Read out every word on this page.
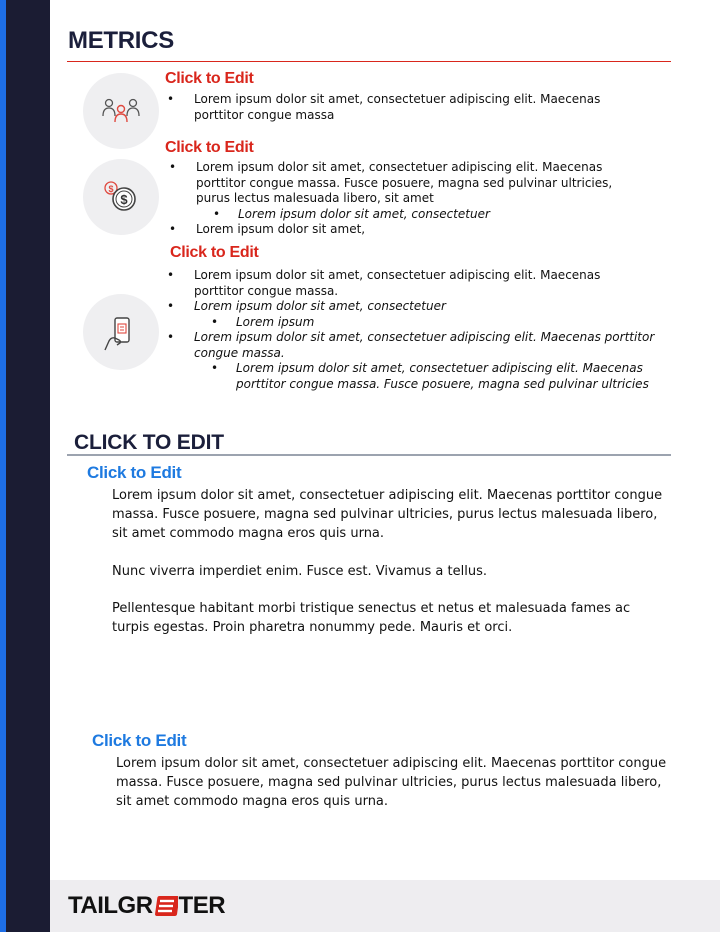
METRICS
Click to Edit
• Lorem ipsum dolor sit amet, consectetuer adipiscing elit. Maecenas porttitor congue massa
$
$
Click to Edit
• Lorem ipsum dolor sit amet, consectetuer adipiscing elit. Maecenas porttitor congue massa. Fusce posuere, magna sed pulvinar ultricies, purus lectus malesuada libero, sit amet
• Lorem ipsum dolor sit amet, consectetuer
• Lorem ipsum dolor sit amet,
Click to Edit
• Lorem ipsum dolor sit amet, consectetuer adipiscing elit. Maecenas porttitor congue massa.
• Lorem ipsum dolor sit amet, consectetuer
• Lorem ipsum
• Lorem ipsum dolor sit amet, consectetuer adipiscing elit. Maecenas porttitor congue massa.
• Lorem ipsum dolor sit amet, consectetuer adipiscing elit. Maecenas porttitor congue massa. Fusce posuere, magna sed pulvinar ultricies
CLICK TO EDIT
Click to Edit

Lorem ipsum dolor sit amet, consectetuer adipiscing elit. Maecenas porttitor congue massa. Fusce posuere, magna sed pulvinar ultricies, purus lectus malesuada libero, sit amet commodo magna eros quis urna.

Nunc viverra imperdiet enim. Fusce est. Vivamus a tellus.

Pellentesque habitant morbi tristique senectus et netus et malesuada fames ac turpis egestas. Proin pharetra nonummy pede. Mauris et orci.

Click to Edit

Lorem ipsum dolor sit amet, consectetuer adipiscing elit. Maecenas porttitor congue massa. Fusce posuere, magna sed pulvinar ultricies, purus lectus malesuada libero, sit amet commodo magna eros quis urna.

TAILGR TER
